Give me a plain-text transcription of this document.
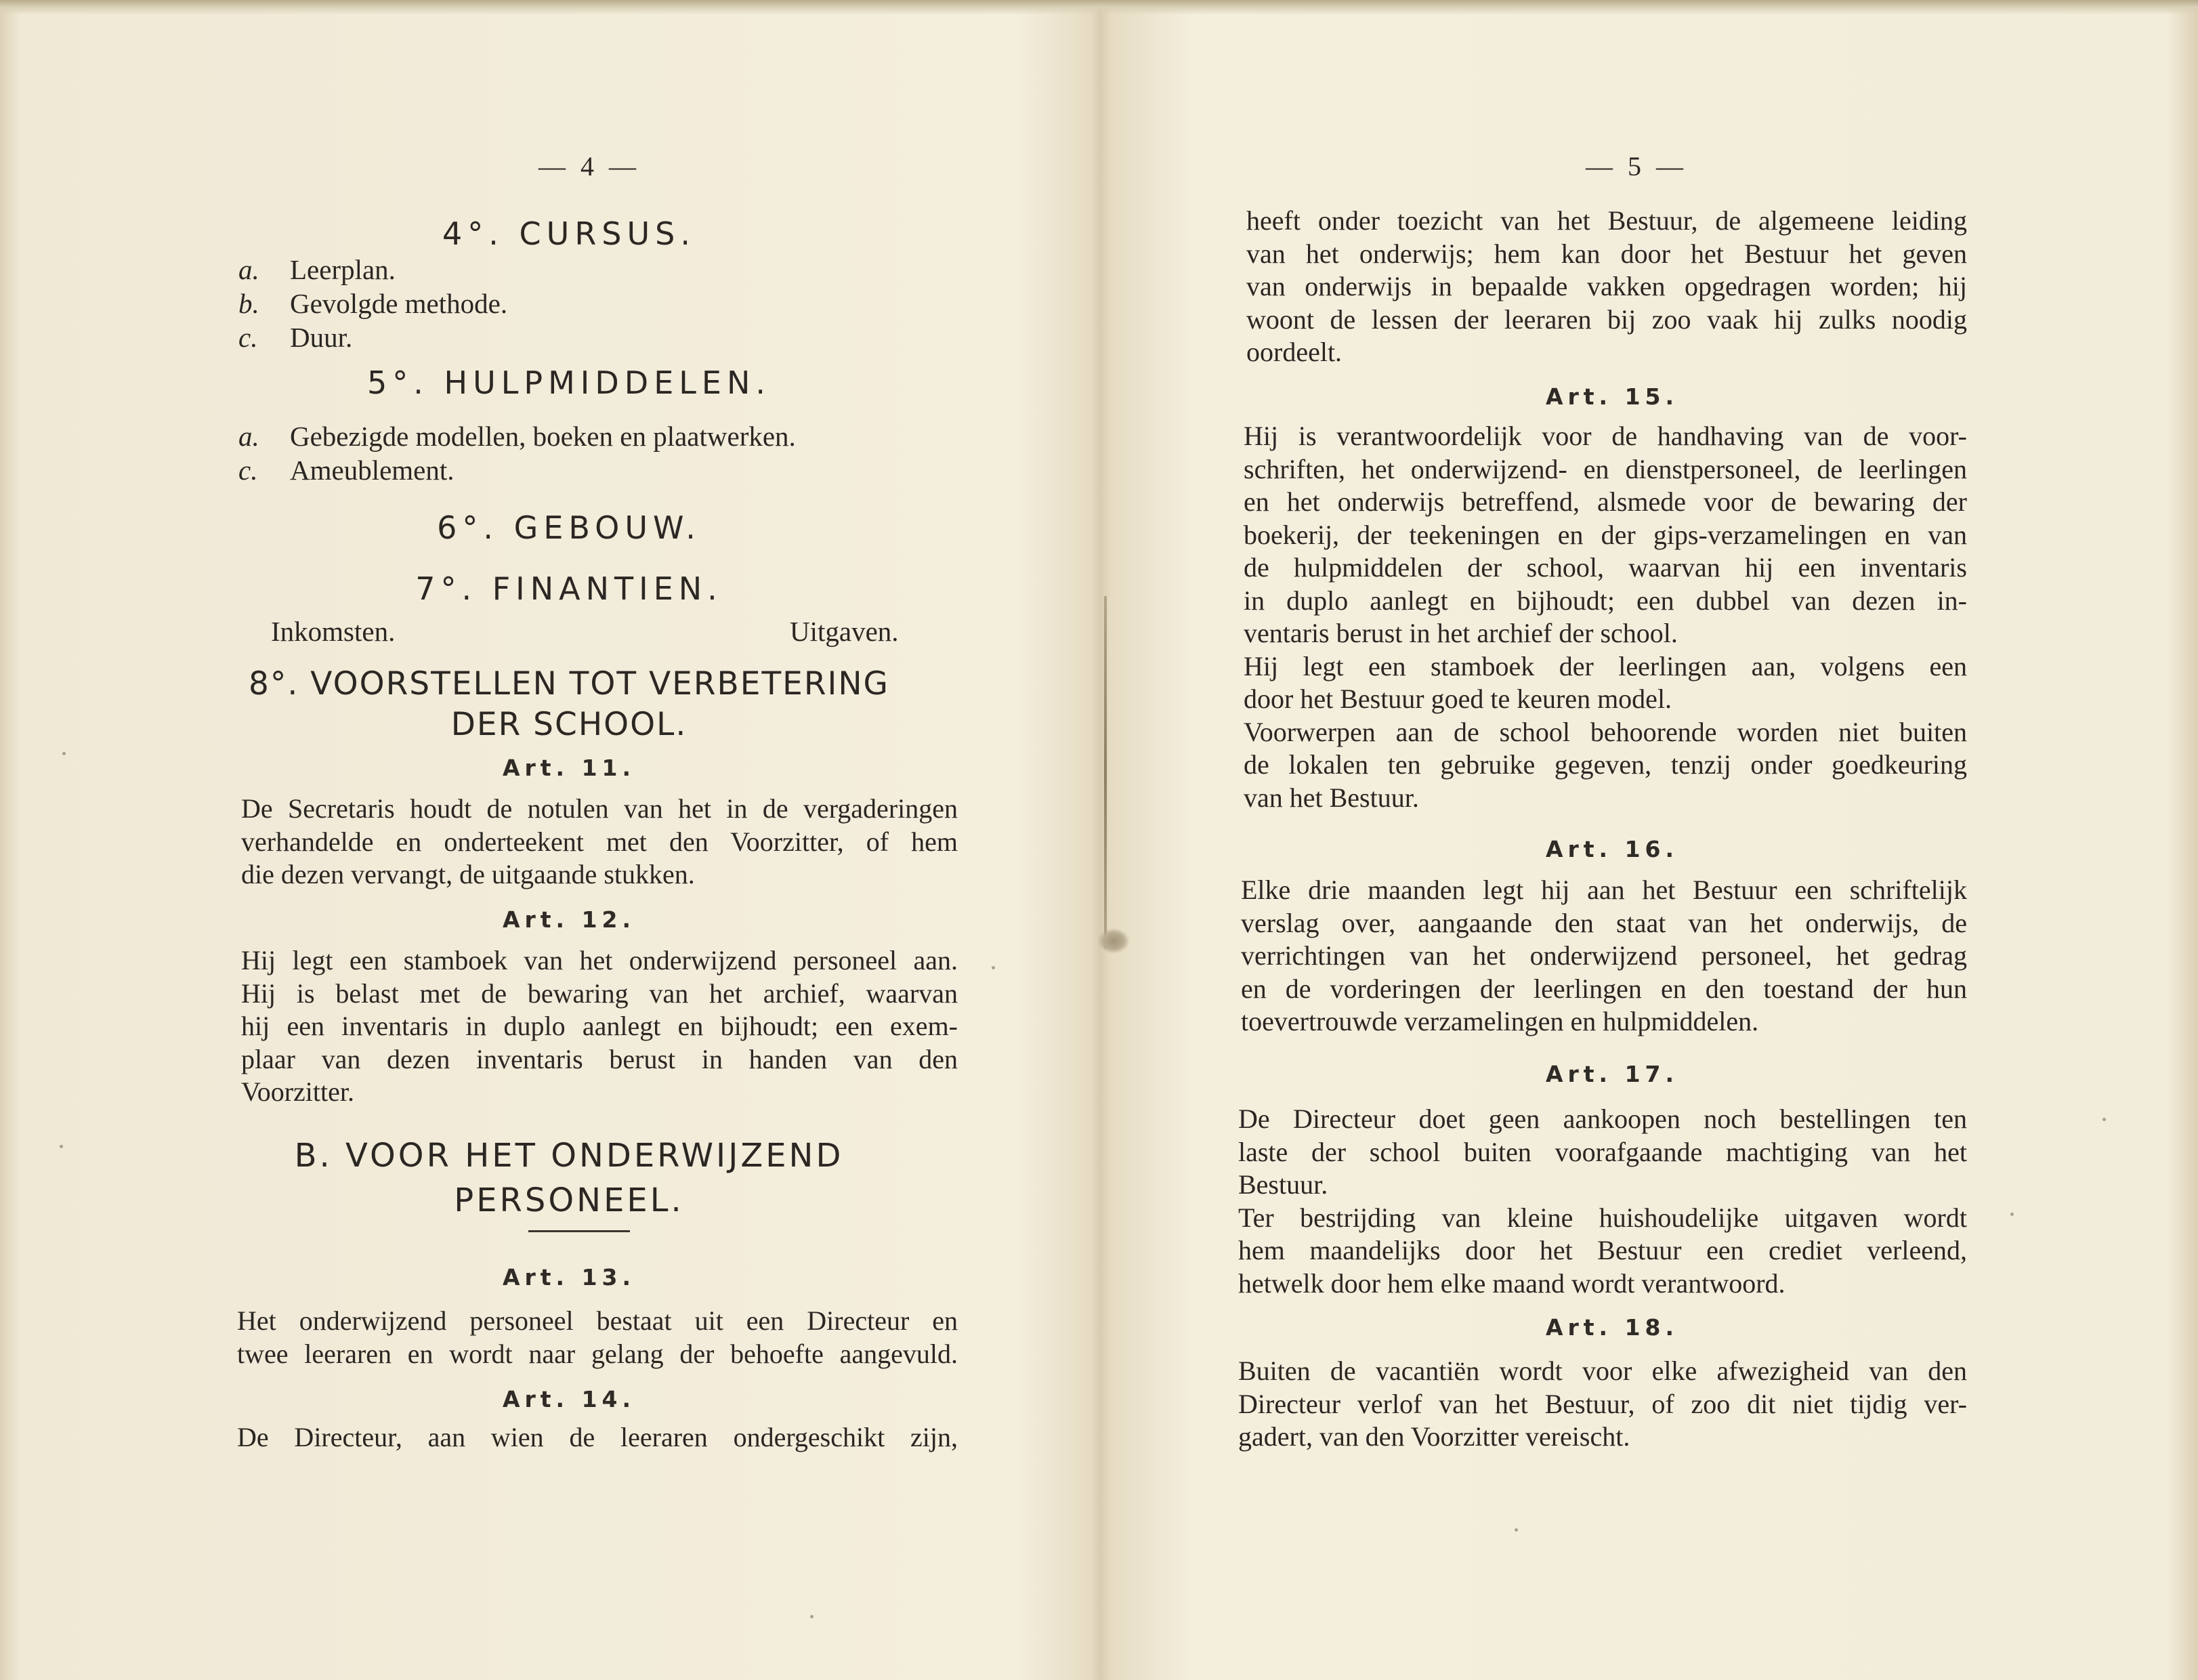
— 4 —
4°. CURSUS.
a. Leerplan.
b. Gevolgde methode.
c. Duur.
5°. HULPMIDDELEN.
a. Gebezigde modellen, boeken en plaatwerken.
c. Ameublement.
6°. GEBOUW.
7°. FINANTIEN.
Inkomsten.	Uitgaven.
8°. VOORSTELLEN TOT VERBETERING
DER SCHOOL.
Art. 11.
De Secretaris houdt de notulen van het in de vergaderingen
verhandelde en onderteekent met den Voorzitter, of hem
die dezen vervangt, de uitgaande stukken.
Art. 12.
Hij legt een stamboek van het onderwijzend personeel aan.
Hij is belast met de bewaring van het archief, waarvan
hij een inventaris in duplo aanlegt en bijhoudt; een exem-
plaar van dezen inventaris berust in handen van den
Voorzitter.
B. VOOR HET ONDERWIJZEND
PERSONEEL.
Art. 13.
Het onderwijzend personeel bestaat uit een Directeur en
twee leeraren en wordt naar gelang der behoefte aangevuld.
Art. 14.
De Directeur, aan wien de leeraren ondergeschikt zijn,
— 5 —
heeft onder toezicht van het Bestuur, de algemeene leiding
van het onderwijs; hem kan door het Bestuur het geven
van onderwijs in bepaalde vakken opgedragen worden; hij
woont de lessen der leeraren bij zoo vaak hij zulks noodig
oordeelt.
Art. 15.
Hij is verantwoordelijk voor de handhaving van de voor-
schriften, het onderwijzend- en dienstpersoneel, de leerlingen
en het onderwijs betreffend, alsmede voor de bewaring der
boekerij, der teekeningen en der gips-verzamelingen en van
de hulpmiddelen der school, waarvan hij een inventaris
in duplo aanlegt en bijhoudt; een dubbel van dezen in-
ventaris berust in het archief der school.
Hij legt een stamboek der leerlingen aan, volgens een
door het Bestuur goed te keuren model.
Voorwerpen aan de school behoorende worden niet buiten
de lokalen ten gebruike gegeven, tenzij onder goedkeuring
van het Bestuur.
Art. 16.
Elke drie maanden legt hij aan het Bestuur een schriftelijk
verslag over, aangaande den staat van het onderwijs, de
verrichtingen van het onderwijzend personeel, het gedrag
en de vorderingen der leerlingen en den toestand der hun
toevertrouwde verzamelingen en hulpmiddelen.
Art. 17.
De Directeur doet geen aankoopen noch bestellingen ten
laste der school buiten voorafgaande machtiging van het
Bestuur.
Ter bestrijding van kleine huishoudelijke uitgaven wordt
hem maandelijks door het Bestuur een crediet verleend,
hetwelk door hem elke maand wordt verantwoord.
Art. 18.
Buiten de vacantiën wordt voor elke afwezigheid van den
Directeur verlof van het Bestuur, of zoo dit niet tijdig ver-
gadert, van den Voorzitter vereischt.
